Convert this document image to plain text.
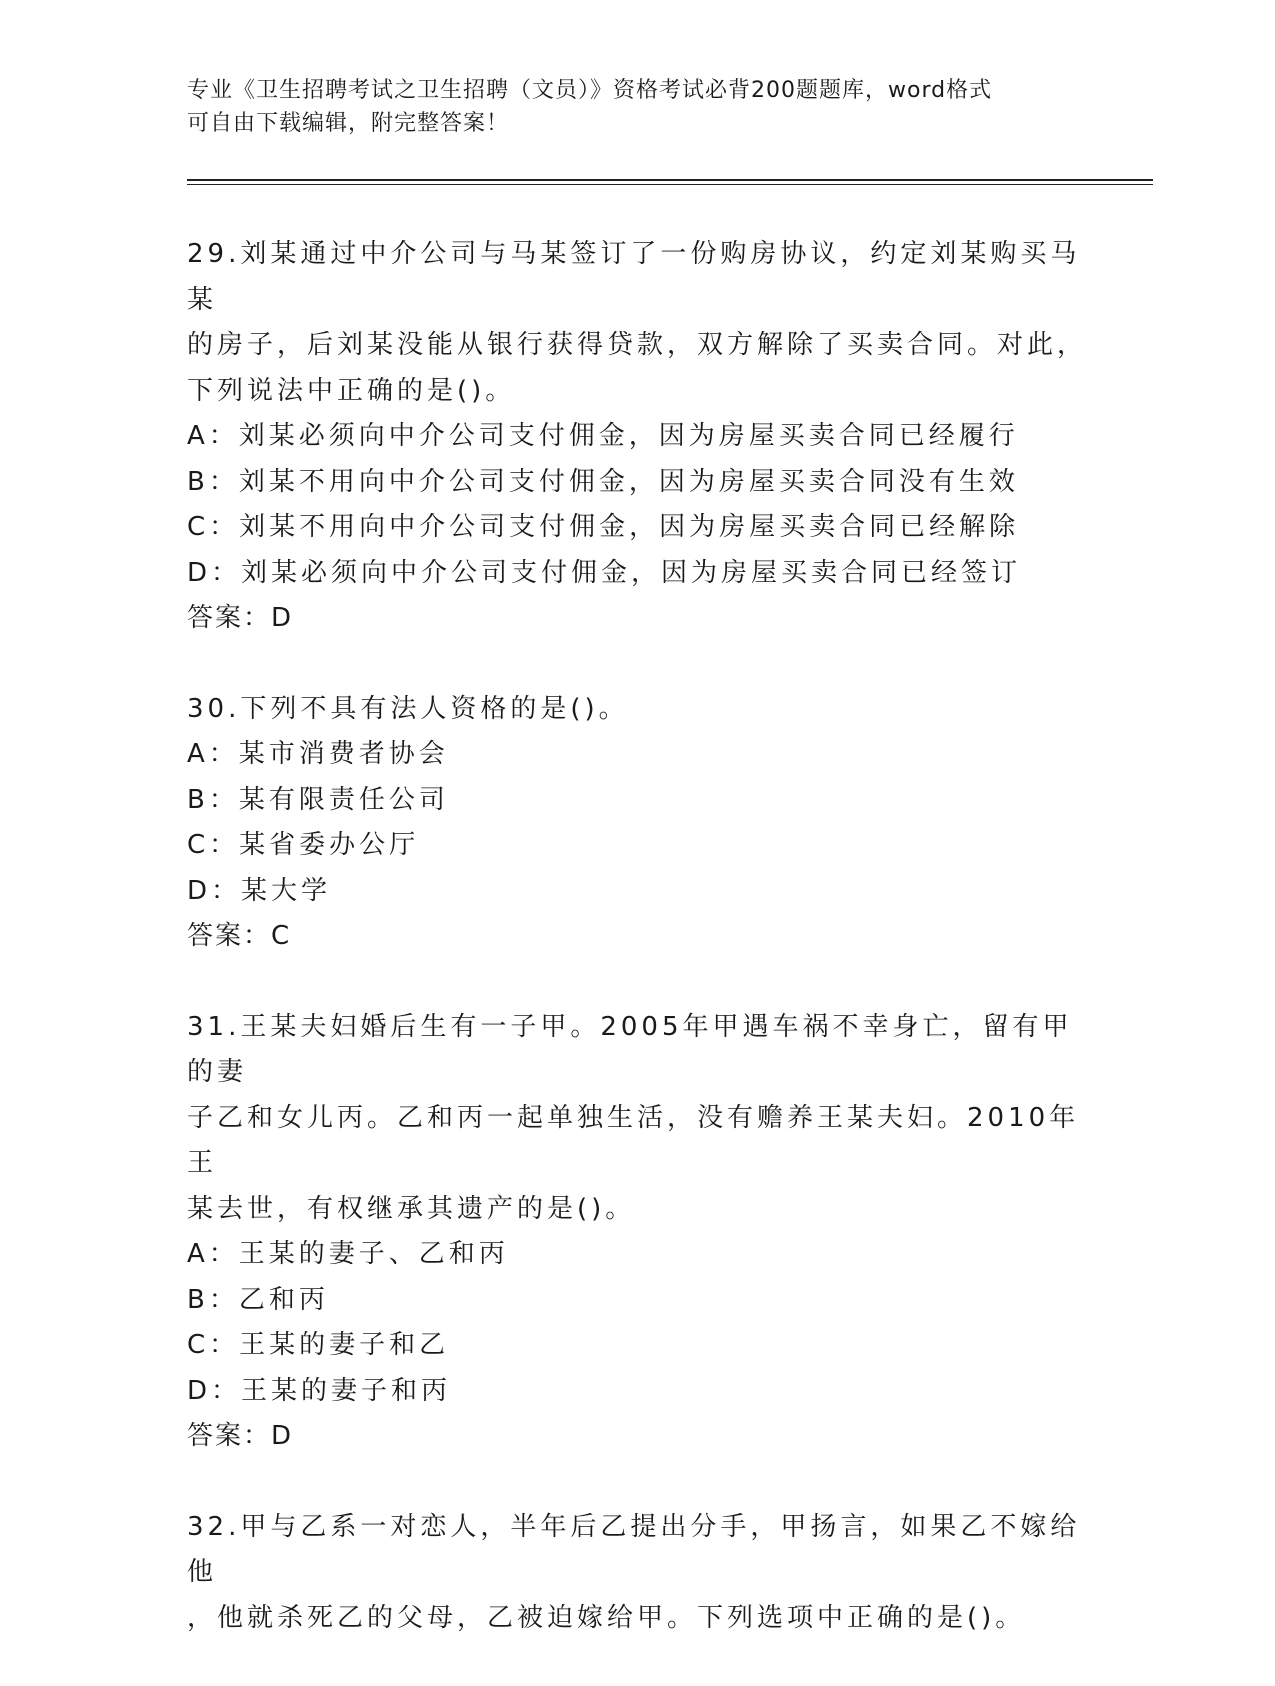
专业《卫生招聘考试之卫生招聘（文员）》资格考试必背200题题库，word格式
可自由下载编辑，附完整答案！

29.刘某通过中介公司与马某签订了一份购房协议，约定刘某购买马某

的房子，后刘某没能从银行获得贷款，双方解除了买卖合同。对此，

下列说法中正确的是()。

A：刘某必须向中介公司支付佣金，因为房屋买卖合同已经履行

B：刘某不用向中介公司支付佣金，因为房屋买卖合同没有生效

C：刘某不用向中介公司支付佣金，因为房屋买卖合同已经解除

D：刘某必须向中介公司支付佣金，因为房屋买卖合同已经签订

答案：D

30.下列不具有法人资格的是()。

A：某市消费者协会

B：某有限责任公司

C：某省委办公厅

D：某大学

答案：C

31.王某夫妇婚后生有一子甲。2005年甲遇车祸不幸身亡，留有甲的妻

子乙和女儿丙。乙和丙一起单独生活，没有赡养王某夫妇。2010年王

某去世，有权继承其遗产的是()。

A：王某的妻子、乙和丙

B：乙和丙

C：王某的妻子和乙

D：王某的妻子和丙

答案：D

32.甲与乙系一对恋人，半年后乙提出分手，甲扬言，如果乙不嫁给他

，他就杀死乙的父母，乙被迫嫁给甲。下列选项中正确的是()。
